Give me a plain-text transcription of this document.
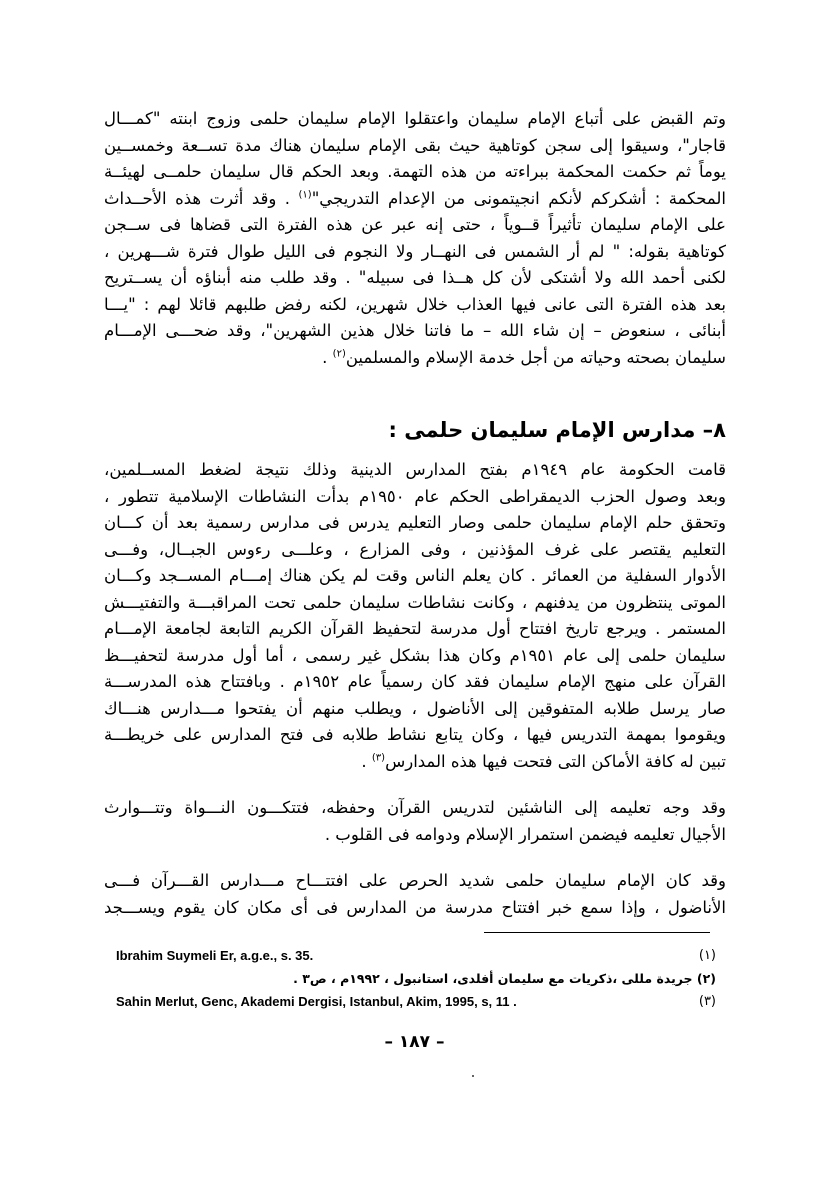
وتم القبض على أتباع الإمام سليمان واعتقلوا الإمام سليمان حلمى وزوج ابنته "كمـــال
قاجار"، وسيقوا إلى سجن كوتاهية حيث بقى الإمام سليمان هناك مدة تســعة وخمســين
يوماً ثم حكمت المحكمة ببراءته من هذه التهمة. وبعد الحكم قال سليمان حلمــى لهيئــة
المحكمة : أشكركم لأنكم انجيتمونى من الإعدام التدريجي"$^{(١)}$ . وقد أثرت هذه الأحــداث
على الإمام سليمان تأثيراً قــوياً ، حتى إنه عبر عن هذه الفترة التى قضاها فى ســجن
كوتاهية بقوله: " لم أر الشمس فى النهــار ولا النجوم فى الليل طوال فترة شـــهرين ،
لكنى أحمد الله ولا أشتكى لأن كل هــذا فى سبيله" . وقد طلب منه أبناؤه أن يســتريح
بعد هذه الفترة التى عانى فيها العذاب خلال شهرين، لكنه رفض طلبهم قائلا لهم : "يـــا
أبنائى ، سنعوض – إن شاء الله – ما فاتنا خلال هذين الشهرين"، وقد ضحـــى الإمـــام
سليمان بصحته وحياته من أجل خدمة الإسلام والمسلمين$^{(٢)}$ .
٨– مدارس الإمام سليمان حلمى :
قامت الحكومة عام ١٩٤٩م بفتح المدارس الدينية وذلك نتيجة لضغط المســلمين،
وبعد وصول الحزب الديمقراطى الحكم عام ١٩٥٠م بدأت النشاطات الإسلامية تتطور ،
وتحقق حلم الإمام سليمان حلمى وصار التعليم يدرس فى مدارس رسمية بعد أن كـــان
التعليم يقتصر على غرف المؤذنين ، وفى المزارع ، وعلـــى رءوس الجبــال، وفـــى
الأدوار السفلية من العمائر . كان يعلم الناس وقت لم يكن هناك إمـــام المســجد وكـــان
الموتى ينتظرون من يدفنهم ، وكانت نشاطات سليمان حلمى تحت المراقبـــة والتفتيـــش
المستمر . ويرجع تاريخ افتتاح أول مدرسة لتحفيظ القرآن الكريم التابعة لجامعة الإمـــام
سليمان حلمى إلى عام ١٩٥١م وكان هذا بشكل غير رسمى ، أما أول مدرسة لتحفيـــظ
القرآن على منهج الإمام سليمان فقد كان رسمياً عام ١٩٥٢م . وبافتتاح هذه المدرســـة
صار يرسل طلابه المتفوقين إلى الأناضول ، ويطلب منهم أن يفتحوا مـــدارس هنـــاك
ويقوموا بمهمة التدريس فيها ، وكان يتابع نشاط طلابه فى فتح المدارس على خريطـــة
تبين له كافة الأماكن التى فتحت فيها هذه المدارس$^{(٣)}$ .
وقد وجه تعليمه إلى الناشئين لتدريس القرآن وحفظه، فتتكـــون النـــواة وتتـــوارث
الأجيال تعليمه فيضمن استمرار الإسلام ودوامه فى القلوب .
وقد كان الإمام سليمان حلمى شديد الحرص على افتتـــاح مـــدارس القـــرآن فـــى
الأناضول ، وإذا سمع خبر افتتاح مدرسة من المدارس فى أى مكان كان يقوم ويســـجد
(١)
Ibrahim Suymeli Er, a.g.e., s. 35.
(٢) جريدة مللى ،ذكريات مع سليمان أفلدى، استانبول ، ١٩٩٢م ، ص٣ .
(٣)
Sahin Merlut, Genc, Akademi Dergisi, Istanbul, Akim, 1995, s, 11 .
– ١٨٧ –
